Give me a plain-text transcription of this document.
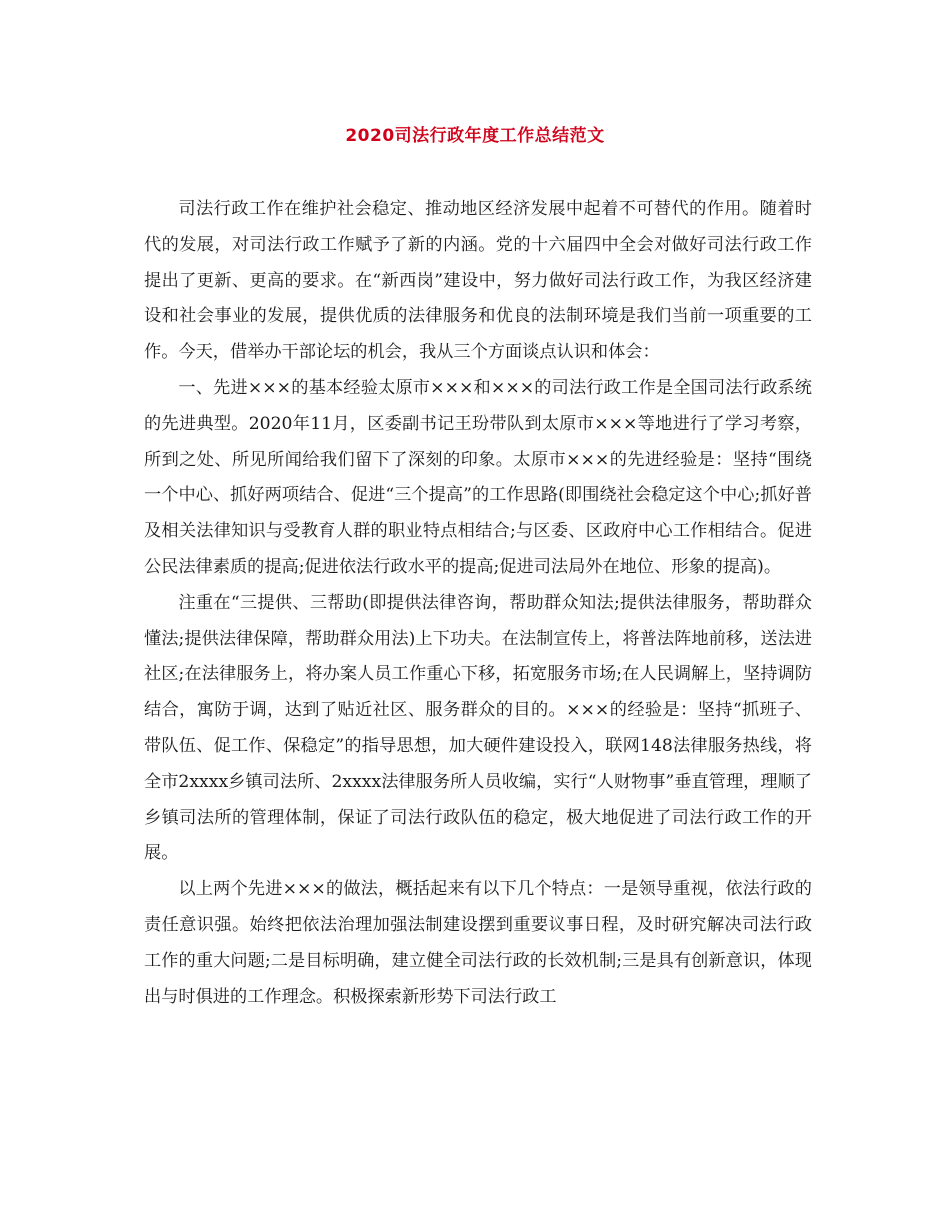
2020司法行政年度工作总结范文

司法行政工作在维护社会稳定、推动地区经济发展中起着不可替代的作用。随着时代的发展，对司法行政工作赋予了新的内涵。党的十六届四中全会对做好司法行政工作提出了更新、更高的要求。在“新西岗”建设中，努力做好司法行政工作，为我区经济建设和社会事业的发展，提供优质的法律服务和优良的法制环境是我们当前一项重要的工作。今天，借举办干部论坛的机会，我从三个方面谈点认识和体会：

一、先进×××的基本经验太原市×××和×××的司法行政工作是全国司法行政系统的先进典型。2020年11月，区委副书记王玢带队到太原市×××等地进行了学习考察，所到之处、所见所闻给我们留下了深刻的印象。太原市×××的先进经验是：坚持“围绕一个中心、抓好两项结合、促进“三个提高”的工作思路(即围绕社会稳定这个中心;抓好普及相关法律知识与受教育人群的职业特点相结合;与区委、区政府中心工作相结合。促进公民法律素质的提高;促进依法行政水平的提高;促进司法局外在地位、形象的提高)。

注重在“三提供、三帮助(即提供法律咨询，帮助群众知法;提供法律服务，帮助群众懂法;提供法律保障，帮助群众用法)上下功夫。在法制宣传上，将普法阵地前移，送法进社区;在法律服务上，将办案人员工作重心下移，拓宽服务市场;在人民调解上，坚持调防结合，寓防于调，达到了贴近社区、服务群众的目的。×××的经验是：坚持“抓班子、带队伍、促工作、保稳定”的指导思想，加大硬件建设投入，联网148法律服务热线，将全市2xxxx乡镇司法所、2xxxx法律服务所人员收编，实行“人财物事”垂直管理，理顺了乡镇司法所的管理体制，保证了司法行政队伍的稳定，极大地促进了司法行政工作的开展。

以上两个先进×××的做法，概括起来有以下几个特点：一是领导重视，依法行政的责任意识强。始终把依法治理加强法制建设摆到重要议事日程，及时研究解决司法行政工作的重大问题;二是目标明确，建立健全司法行政的长效机制;三是具有创新意识，体现出与时俱进的工作理念。积极探索新形势下司法行政工
